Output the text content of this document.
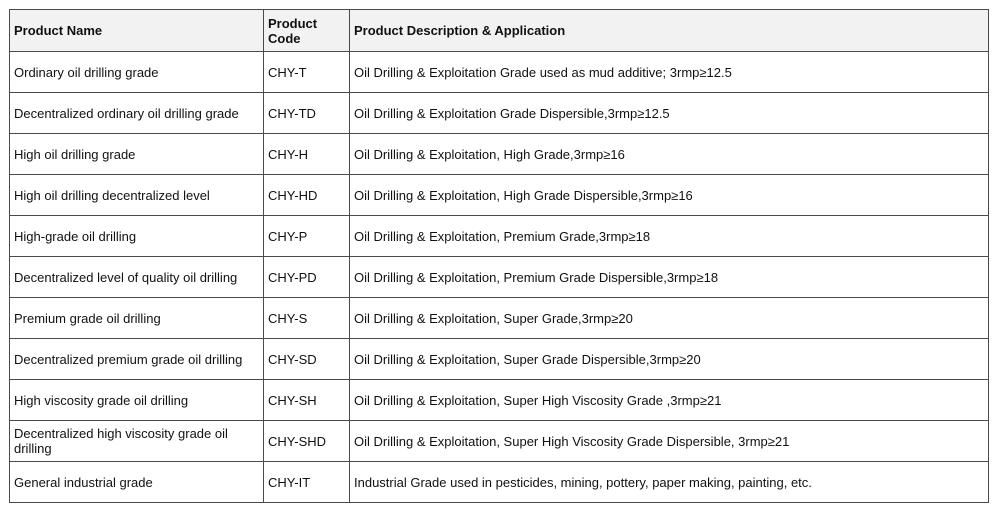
Product Name	Product Code	Product Description & Application
Ordinary oil drilling grade	CHY-T	Oil Drilling & Exploitation Grade used as mud additive; 3rmp≥12.5
Decentralized ordinary oil drilling grade	CHY-TD	Oil Drilling & Exploitation Grade Dispersible,3rmp≥12.5
High oil drilling grade	CHY-H	Oil Drilling & Exploitation, High Grade,3rmp≥16
High oil drilling decentralized level	CHY-HD	Oil Drilling & Exploitation, High Grade Dispersible,3rmp≥16
High-grade oil drilling	CHY-P	Oil Drilling & Exploitation, Premium Grade,3rmp≥18
Decentralized level of quality oil drilling	CHY-PD	Oil Drilling & Exploitation, Premium Grade Dispersible,3rmp≥18
Premium grade oil drilling	CHY-S	Oil Drilling & Exploitation, Super Grade,3rmp≥20
Decentralized premium grade oil drilling	CHY-SD	Oil Drilling & Exploitation, Super Grade Dispersible,3rmp≥20
High viscosity grade oil drilling	CHY-SH	Oil Drilling & Exploitation, Super High Viscosity Grade ,3rmp≥21
Decentralized high viscosity grade oil drilling	CHY-SHD	Oil Drilling & Exploitation, Super High Viscosity Grade Dispersible, 3rmp≥21
General industrial grade	CHY-IT	Industrial Grade used in pesticides, mining, pottery, paper making, painting, etc.
